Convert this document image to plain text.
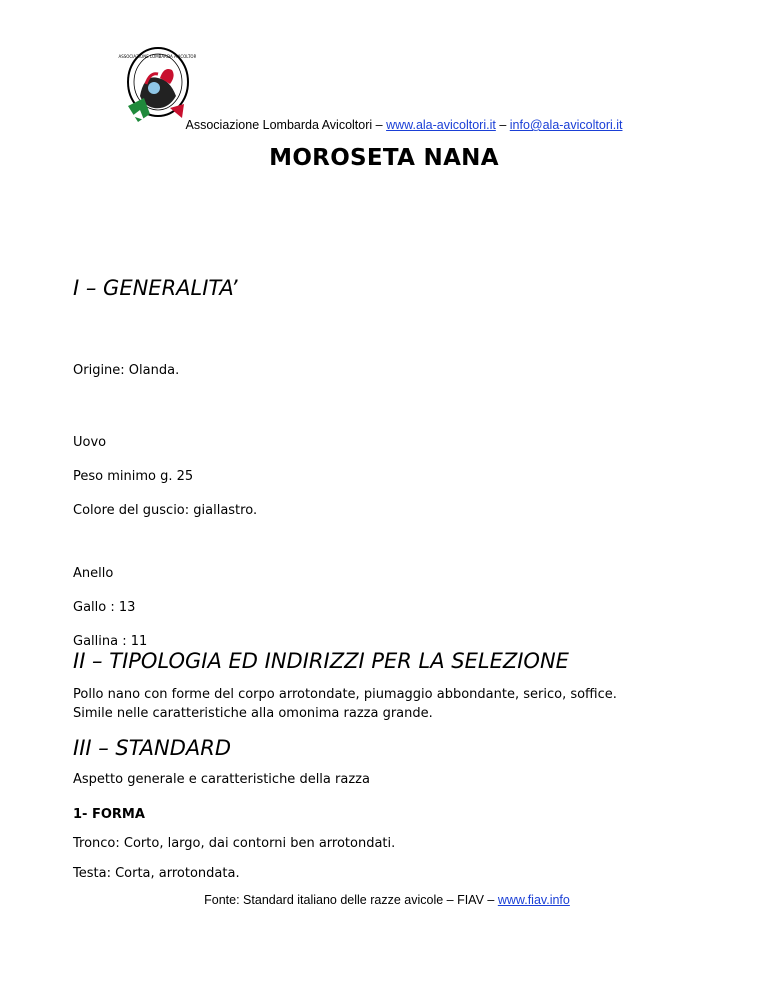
ASSOCIAZIONE LOMBARDA AVICOLTORI
Associazione Lombarda Avicoltori – www.ala-avicoltori.it – info@ala-avicoltori.it
MOROSETA NANA
I – GENERALITA’

Origine: Olanda.

Uovo

Peso minimo g. 25

Colore del guscio: giallastro.

Anello

Gallo : 13

Gallina : 11

II – TIPOLOGIA ED INDIRIZZI PER LA SELEZIONE

Pollo nano con forme del corpo arrotondate, piumaggio abbondante, serico, soffice.

Simile nelle caratteristiche alla omonima razza grande.

III – STANDARD

Aspetto generale e caratteristiche della razza

1- FORMA

Tronco: Corto, largo, dai contorni ben arrotondati.

Testa: Corta, arrotondata.

Fonte: Standard italiano delle razze avicole – FIAV – www.fiav.info
